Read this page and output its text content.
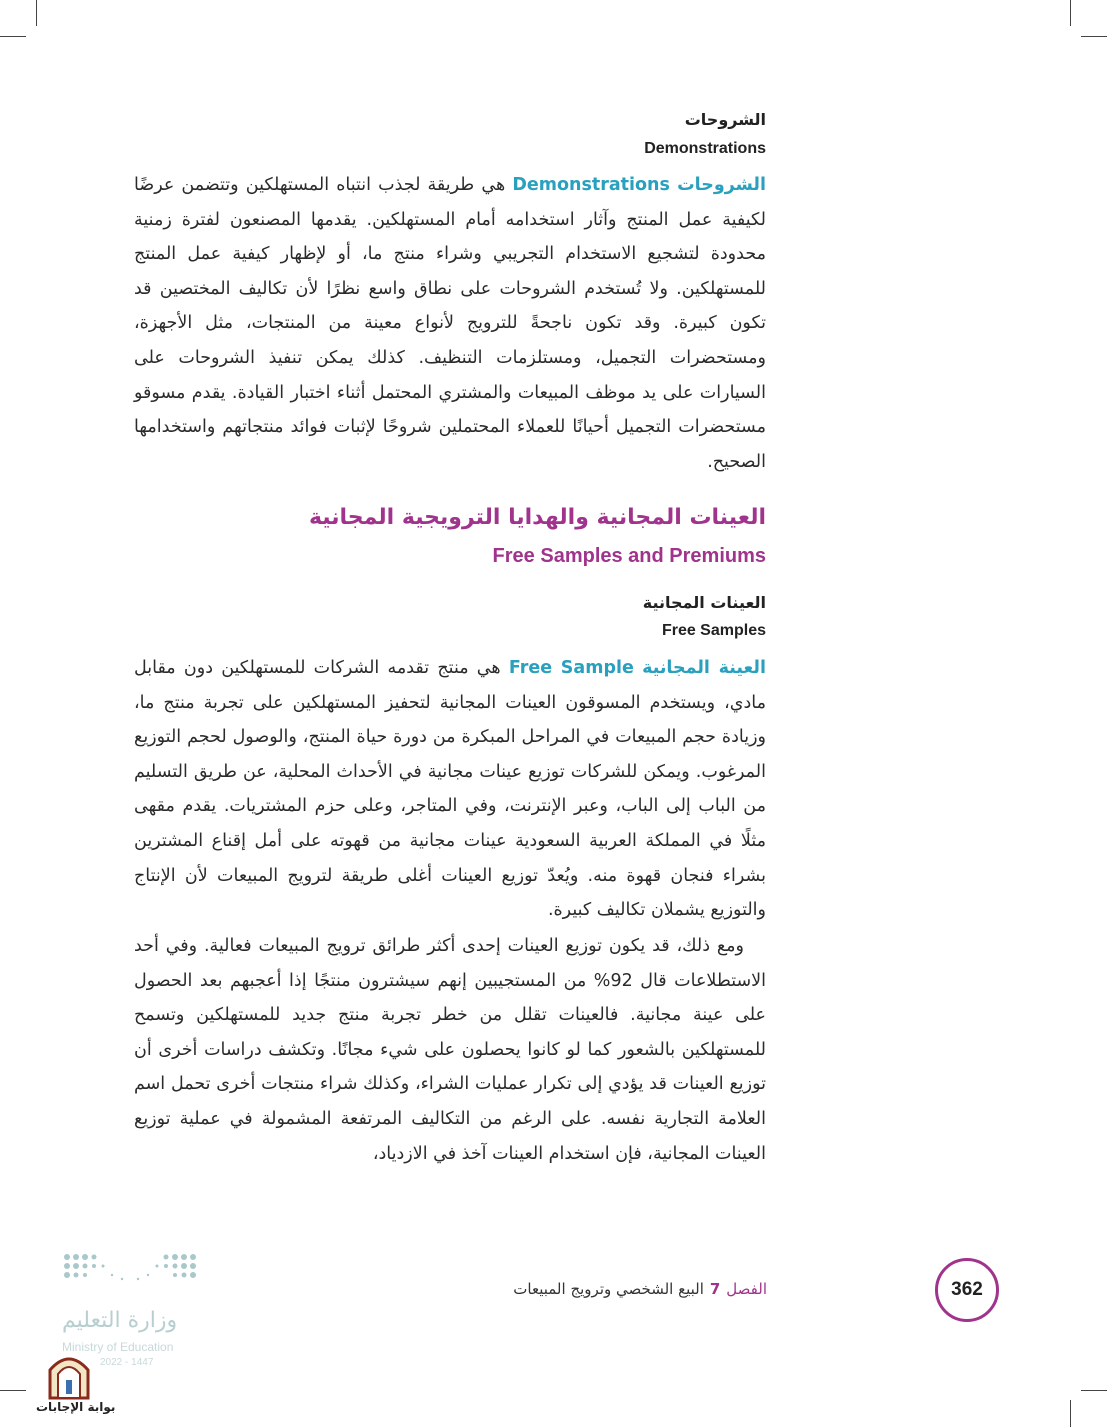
الشروحات
Demonstrations
الشروحات Demonstrations هي طريقة لجذب انتباه المستهلكين وتتضمن عرضًا لكيفية عمل المنتج وآثار استخدامه أمام المستهلكين. يقدمها المصنعون لفترة زمنية محدودة لتشجيع الاستخدام التجريبي وشراء منتج ما، أو لإظهار كيفية عمل المنتج للمستهلكين. ولا تُستخدم الشروحات على نطاق واسع نظرًا لأن تكاليف المختصين قد تكون كبيرة. وقد تكون ناجحةً للترويج لأنواع معينة من المنتجات، مثل الأجهزة، ومستحضرات التجميل، ومستلزمات التنظيف. كذلك يمكن تنفيذ الشروحات على السيارات على يد موظف المبيعات والمشتري المحتمل أثناء اختبار القيادة. يقدم مسوقو مستحضرات التجميل أحيانًا للعملاء المحتملين شروحًا لإثبات فوائد منتجاتهم واستخدامها الصحيح.
العينات المجانية والهدايا الترويجية المجانية
Free Samples and Premiums
العينات المجانية
Free Samples
العينة المجانية Free Sample هي منتج تقدمه الشركات للمستهلكين دون مقابل مادي، ويستخدم المسوقون العينات المجانية لتحفيز المستهلكين على تجربة منتج ما، وزيادة حجم المبيعات في المراحل المبكرة من دورة حياة المنتج، والوصول لحجم التوزيع المرغوب. ويمكن للشركات توزيع عينات مجانية في الأحداث المحلية، عن طريق التسليم من الباب إلى الباب، وعبر الإنترنت، وفي المتاجر، وعلى حزم المشتريات. يقدم مقهى مثلًا في المملكة العربية السعودية عينات مجانية من قهوته على أمل إقناع المشترين بشراء فنجان قهوة منه. ويُعدّ توزيع العينات أغلى طريقة لترويج المبيعات لأن الإنتاج والتوزيع يشملان تكاليف كبيرة.
ومع ذلك، قد يكون توزيع العينات إحدى أكثر طرائق ترويج المبيعات فعالية. وفي أحد الاستطلاعات قال 92% من المستجيبين إنهم سيشترون منتجًا إذا أعجبهم بعد الحصول على عينة مجانية. فالعينات تقلل من خطر تجربة منتج جديد للمستهلكين وتسمح للمستهلكين بالشعور كما لو كانوا يحصلون على شيء مجانًا. وتكشف دراسات أخرى أن توزيع العينات قد يؤدي إلى تكرار عمليات الشراء، وكذلك شراء منتجات أخرى تحمل اسم العلامة التجارية نفسه. على الرغم من التكاليف المرتفعة المشمولة في عملية توزيع العينات المجانية، فإن استخدام العينات آخذ في الازدياد،
الفصل7البيع الشخصي وترويج المبيعات	362
وزارة التعليم
Ministry of Education
2022 - 1447
بوابة الإجابات
